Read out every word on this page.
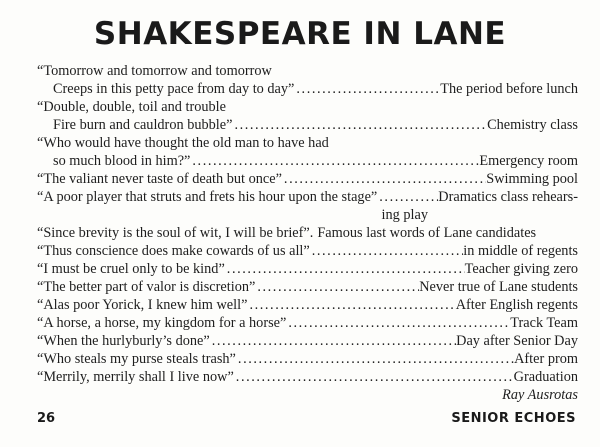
SHAKESPEARE IN LANE
“Tomorrow and tomorrow and tomorrow
Creeps in this petty pace from day to day” . . .	The period before lunch
“Double, double, toil and trouble
Fire burn and cauldron bubble” . . .	Chemistry class
“Who would have thought the old man to have had
so much blood in him?” . . .	Emergency room
“The valiant never taste of death but once” . . .	Swimming pool
“A poor player that struts and frets his hour upon the stage” . . .	Dramatics class rehears-
ing play
“Since brevity is the soul of wit, I will be brief”. Famous last words of Lane candidates
“Thus conscience does make cowards of us all” . . .	in middle of regents
“I must be cruel only to be kind” . . .	Teacher giving zero
“The better part of valor is discretion” . . .	Never true of Lane students
“Alas poor Yorick, I knew him well” . . .	After English regents
“A horse, a horse, my kingdom for a horse” . . .	Track Team
“When the hurlyburly’s done” . . .	Day after Senior Day
“Who steals my purse steals trash” . . .	After prom
“Merrily, merrily shall I live now” . . .	Graduation
Ray Ausrotas
26	SENIOR ECHOES
